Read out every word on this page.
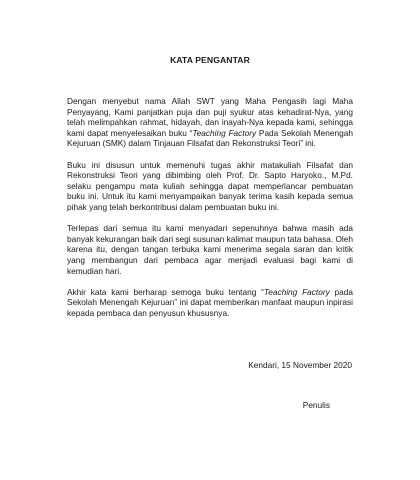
KATA PENGANTAR

Dengan menyebut nama Allah SWT yang Maha Pengasih lagi Maha Penyayang, Kami panjatkan puja dan puji syukur atas kehadirat-Nya, yang telah melimpahkan rahmat, hidayah, dan inayah-Nya kepada kami, sehingga kami dapat menyelesaikan buku “Teaching Factory Pada Sekolah Menengah Kejuruan (SMK) dalam Tinjauan Filsafat dan Rekonstruksi Teori” ini.

Buku ini disusun untuk memenuhi tugas akhir matakuliah Filsafat dan Rekonstruksi Teori yang dibimbing oleh Prof. Dr. Sapto Haryoko., M.Pd. selaku pengampu mata kuliah sehingga dapat memperlancar pembuatan buku ini. Untuk itu kami menyampaikan banyak terima kasih kepada semua pihak yang telah berkontribusi dalam pembuatan buku ini.

Terlepas dari semua itu kami menyadari sepenuhnya bahwa masih ada banyak kekurangan baik dari segi susunan kalimat maupun tata bahasa. Oleh karena itu, dengan tangan terbuka kami menerima segala saran dan kritik yang membangun dari pembaca agar menjadi evaluasi bagi kami di kemudian hari.

Akhir kata kami berharap semoga buku tentang “Teaching Factory pada Sekolah Menengah Kejuruan” ini dapat memberikan manfaat maupun inpirasi kepada pembaca dan penyusun khususnya.

Kendari, 15 November 2020
Penulis
